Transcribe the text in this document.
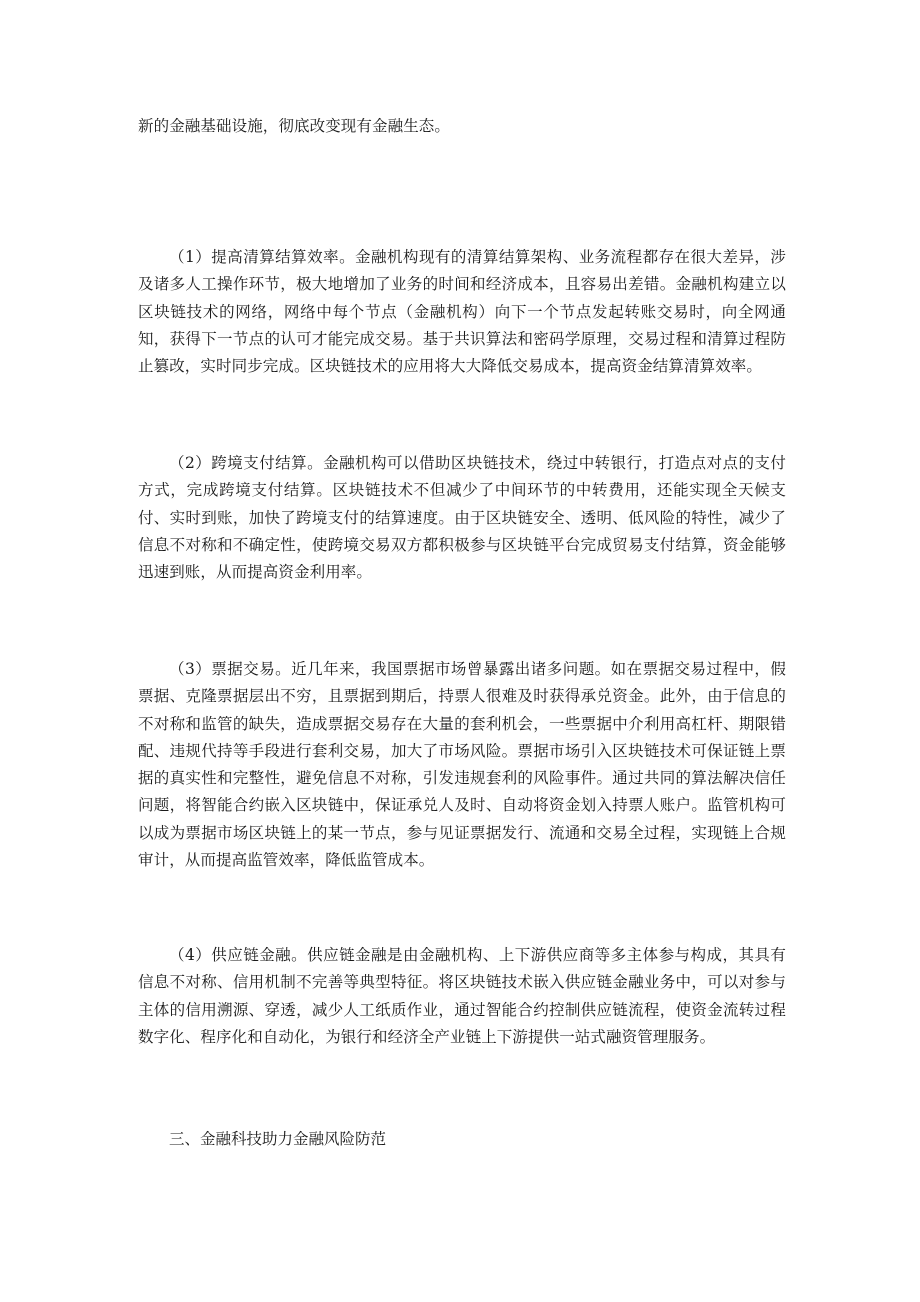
新的金融基础设施，彻底改变现有金融生态。

（1）提高清算结算效率。金融机构现有的清算结算架构、业务流程都存在很大差异，涉及诸多人工操作环节，极大地增加了业务的时间和经济成本，且容易出差错。金融机构建立以区块链技术的网络，网络中每个节点（金融机构）向下一个节点发起转账交易时，向全网通知，获得下一节点的认可才能完成交易。基于共识算法和密码学原理，交易过程和清算过程防止篡改，实时同步完成。区块链技术的应用将大大降低交易成本，提高资金结算清算效率。

（2）跨境支付结算。金融机构可以借助区块链技术，绕过中转银行，打造点对点的支付方式，完成跨境支付结算。区块链技术不但减少了中间环节的中转费用，还能实现全天候支付、实时到账，加快了跨境支付的结算速度。由于区块链安全、透明、低风险的特性，减少了信息不对称和不确定性，使跨境交易双方都积极参与区块链平台完成贸易支付结算，资金能够迅速到账，从而提高资金利用率。

（3）票据交易。近几年来，我国票据市场曾暴露出诸多问题。如在票据交易过程中，假票据、克隆票据层出不穷，且票据到期后，持票人很难及时获得承兑资金。此外，由于信息的不对称和监管的缺失，造成票据交易存在大量的套利机会，一些票据中介利用高杠杆、期限错配、违规代持等手段进行套利交易，加大了市场风险。票据市场引入区块链技术可保证链上票据的真实性和完整性，避免信息不对称，引发违规套利的风险事件。通过共同的算法解决信任问题，将智能合约嵌入区块链中，保证承兑人及时、自动将资金划入持票人账户。监管机构可以成为票据市场区块链上的某一节点，参与见证票据发行、流通和交易全过程，实现链上合规审计，从而提高监管效率，降低监管成本。

（4）供应链金融。供应链金融是由金融机构、上下游供应商等多主体参与构成，其具有信息不对称、信用机制不完善等典型特征。将区块链技术嵌入供应链金融业务中，可以对参与主体的信用溯源、穿透，减少人工纸质作业，通过智能合约控制供应链流程，使资金流转过程数字化、程序化和自动化，为银行和经济全产业链上下游提供一站式融资管理服务。

三、金融科技助力金融风险防范
